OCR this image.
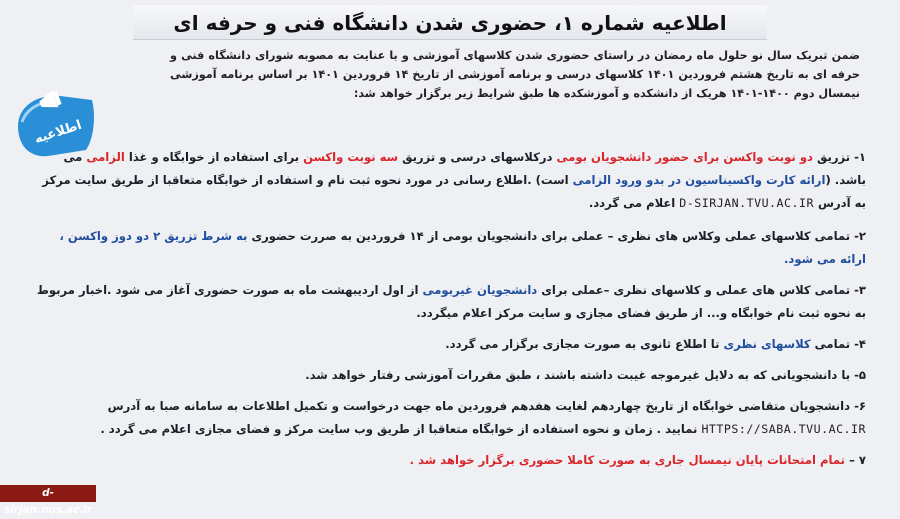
اطلاعیه شماره ۱، حضوری شدن دانشگاه فنی و حرفه ای
اطلاعیه
ضمن تبریک سال نو حلول ماه رمضان در راستای حضوری شدن کلاسهای آموزشی و با عنایت به مصوبه شورای دانشگاه فنی و حرفه ای به تاریخ هشتم فروردین ۱۴۰۱ کلاسهای درسی و برنامه آموزشی از تاریخ ۱۴ فروردین ۱۴۰۱ بر اساس برنامه آموزشی نیمسال دوم ۱۴۰۰-۱۴۰۱ هریک از دانشکده و آموزشکده ها طبق شرایط زیر برگزار خواهد شد:
۱- تزریق دو نوبت واکسن برای حضور دانشجویان بومی درکلاسهای درسی و تزریق سه نوبت واکسن برای استفاده از خوابگاه و غذا الزامی می باشد. (ارائه کارت واکسیناسیون در بدو ورود الزامی است) .اطلاع رسانی در مورد نحوه ثبت نام و استفاده از خوابگاه متعاقبا از طریق سایت مرکز به آدرس D-SIRJAN.TVU.AC.IR اعلام می گردد.
۲- تمامی کلاسهای عملی وکلاس های نظری – عملی برای دانشجویان بومی از ۱۴ فروردین به صررت حضوری به شرط تزریق ۲ دو دوز واکسن ، ارائه می شود.
۳- تمامی کلاس های عملی و کلاسهای نظری –عملی برای دانشجویان غیربومی از اول اردیبهشت ماه به صورت حضوری آغاز می شود .اخبار مربوط به نحوه ثبت نام خوابگاه و... از طریق فضای مجازی و سایت مرکز اعلام میگردد.
۴- تمامی کلاسهای نظری تا اطلاع ثانوی به صورت مجازی برگزار می گردد.
۵- با دانشجویانی که به دلایل غیرموجه غیبت داشته باشند ، طبق مقررات آموزشی رفتار خواهد شد.
۶- دانشجویان متقاضی خوابگاه از تاریخ چهاردهم لغایت هفدهم فروردین ماه جهت درخواست و تکمیل اطلاعات به سامانه صبا به آدرس HTTPS://SABA.TVU.AC.IR نمایید . زمان و نحوه استفاده از خوابگاه متعاقبا از طریق وب سایت مرکز و فضای مجازی اعلام می گردد .
۷ – تمام امتحانات پایان نیمسال جاری به صورت کاملا حضوری برگزار خواهد شد .
d-sirjan.nus.ac.ir
